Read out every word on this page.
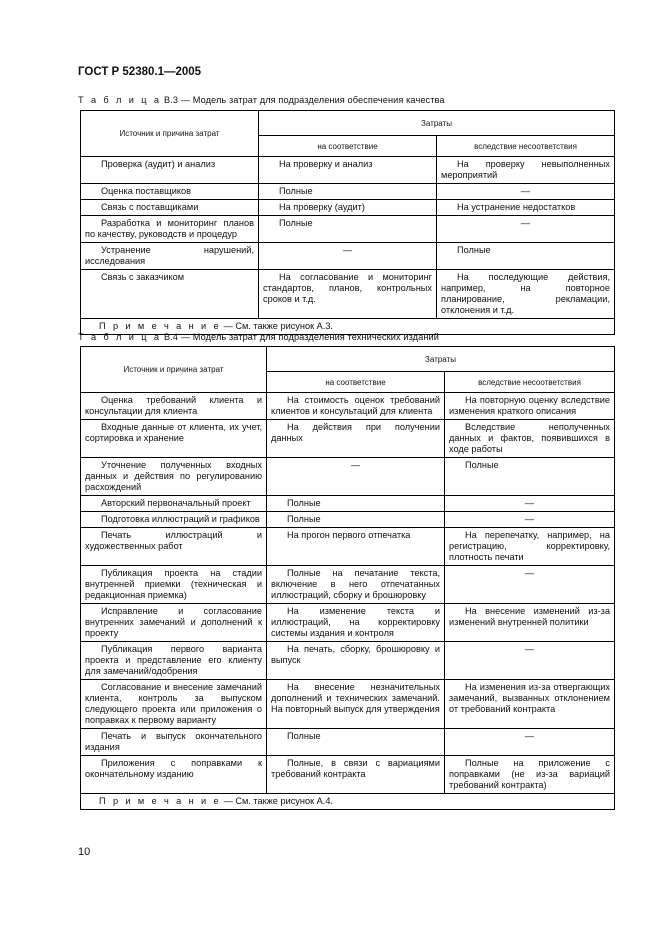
ГОСТ Р 52380.1—2005
Т а б л и ц а В.3 — Модель затрат для подразделения обеспечения качества
Источник и причина затрат	Затраты	
	на соответствие	вследствие несоответствия

Проверка (аудит) и анализ	На проверку и анализ	На проверку невыполненных мероприятий

Оценка поставщиков	Полные	—

Связь с поставщиками	На проверку (аудит)	На устранение недостатков

Разработка и мониторинг планов по качеству, руководств и процедур	Полные	—

Устранение нарушений, исследования	—	Полные

Связь с заказчиком	На согласование и мониторинг стандартов, планов, контрольных сроков и т.д.	На последующие действия, например, на повторное планирование, рекламации, отклонения и т.д.

П р и м е ч а н и е — См. также рисунок А.3.		
Т а б л и ц а В.4 — Модель затрат для подразделения технических изданий
Источник и причина затрат	Затраты	
	на соответствие	вследствие несоответствия

Оценка требований клиента и консультации для клиента	На стоимость оценок требований клиентов и консультаций для клиента	На повторную оценку вследствие изменения краткого описания

Входные данные от клиента, их учет, сортировка и хранение	На действия при получении данных	Вследствие неполученных данных и фактов, появившихся в ходе работы

Уточнение полученных входных данных и действия по регулированию расхождений	—	Полные

Авторский первоначальный проект	Полные	—

Подготовка иллюстраций и графиков	Полные	—

Печать иллюстраций и художественных работ	На прогон первого отпечатка	На перепечатку, например, на регистрацию, корректировку, плотность печати

Публикация проекта на стадии внутренней приемки (техническая и редакционная приемка)	Полные на печатание текста, включение в него отпечатанных иллюстраций, сборку и брошюровку	—

Исправление и согласование внутренних замечаний и дополнений к проекту	На изменение текста и иллюстраций, на корректировку системы издания и контроля	На внесение изменений из-за изменений внутренней политики

Публикация первого варианта проекта и представление его клиенту для замечаний/одобрения	На печать, сборку, брошюровку и выпуск	—

Согласование и внесение замечаний клиента, контроль за выпуском следующего проекта или приложения о поправках к первому варианту	На внесение незначительных дополнений и технических замечаний. На повторный выпуск для утверждения	На изменения из-за отвергающих замечаний, вызванных отклонением от требований контракта

Печать и выпуск окончательного издания	Полные	—

Приложения с поправками к окончательному изданию	Полные, в связи с вариациями требований контракта	Полные на приложение с поправками (не из-за вариаций требований контракта)

П р и м е ч а н и е — См. также рисунок А.4.		
10
